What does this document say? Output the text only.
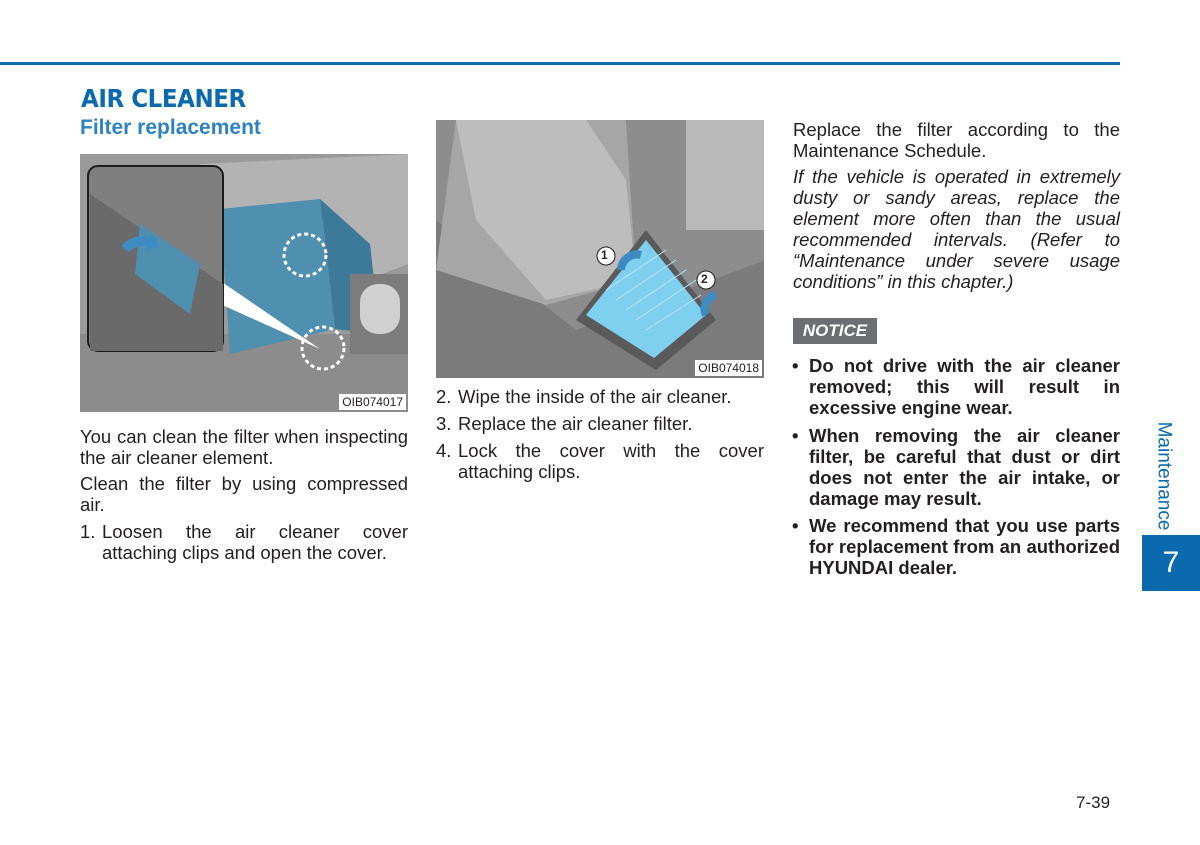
AIR CLEANER
Filter replacement
OIB074017

You can clean the filter when inspecting the air cleaner element.

Clean the filter by using compressed air.

1. Loosen the air cleaner cover attaching clips and open the cover.
1
2
OIB074018
2. Wipe the inside of the air cleaner.
3. Replace the air cleaner filter.
4. Lock the cover with the cover attaching clips.

Replace the filter according to the Maintenance Schedule.

If the vehicle is operated in extremely dusty or sandy areas, replace the element more often than the usual recommended intervals. (Refer to “Maintenance under severe usage conditions” in this chapter.)

NOTICE
• Do not drive with the air cleaner removed; this will result in excessive engine wear.
• When removing the air cleaner filter, be careful that dust or dirt does not enter the air intake, or damage may result.
• We recommend that you use parts for replacement from an authorized HYUNDAI dealer.
Maintenance
7
7-39
